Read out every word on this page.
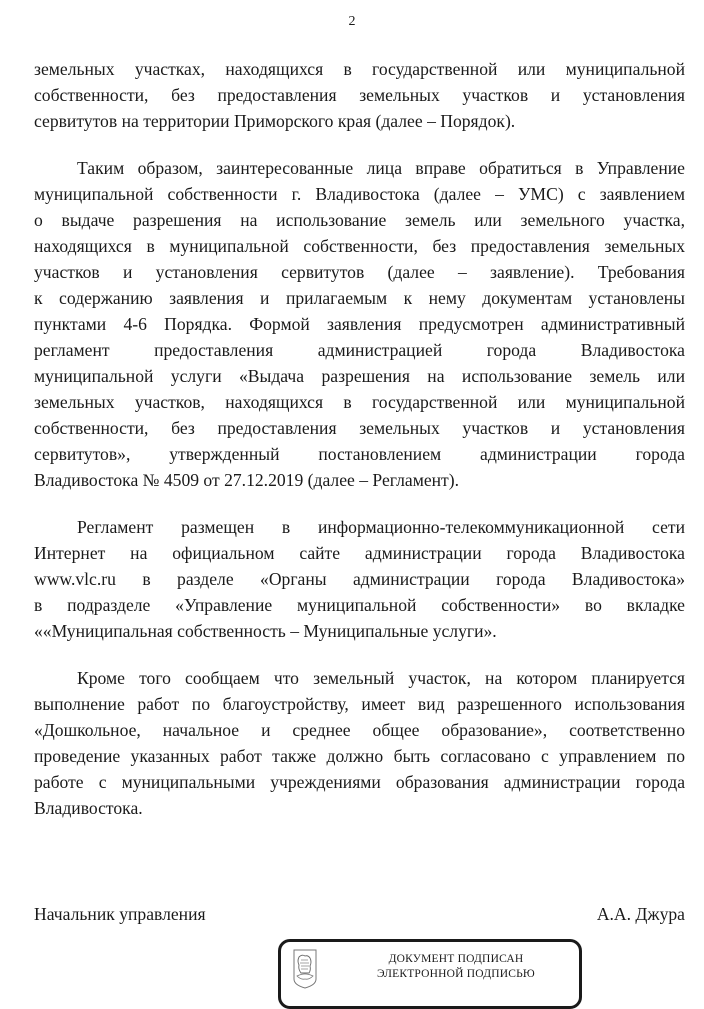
2

земельных участках, находящихся в государственной или муниципальной
собственности, без предоставления земельных участков и установления
сервитутов на территории Приморского края (далее – Порядок).

Таким образом, заинтересованные лица вправе обратиться в Управление
муниципальной собственности г. Владивостока (далее – УМС) с заявлением
о выдаче разрешения на использование земель или земельного участка,
находящихся в муниципальной собственности, без предоставления земельных
участков и установления сервитутов (далее – заявление). Требования
к содержанию заявления и прилагаемым к нему документам установлены
пунктами 4-6 Порядка. Формой заявления предусмотрен административный
регламент предоставления администрацией города Владивостока
муниципальной услуги «Выдача разрешения на использование земель или
земельных участков, находящихся в государственной или муниципальной
собственности, без предоставления земельных участков и установления
сервитутов», утвержденный постановлением администрации города
Владивостока № 4509 от 27.12.2019 (далее – Регламент).

Регламент размещен в информационно-телекоммуникационной сети
Интернет на официальном сайте администрации города Владивостока
www.vlc.ru в разделе «Органы администрации города Владивостока»
в подразделе «Управление муниципальной собственности» во вкладке
««Муниципальная собственность – Муниципальные услуги».

Кроме того сообщаем что земельный участок, на котором планируется
выполнение работ по благоустройству, имеет вид разрешенного использования
«Дошкольное, начальное и среднее общее образование», соответственно
проведение указанных работ также должно быть согласовано с управлением по
работе с муниципальными учреждениями образования администрации города
Владивостока.

Начальник управления	А.А. Джура
ДОКУМЕНТ ПОДПИСАН
ЭЛЕКТРОННОЙ ПОДПИСЬЮ
